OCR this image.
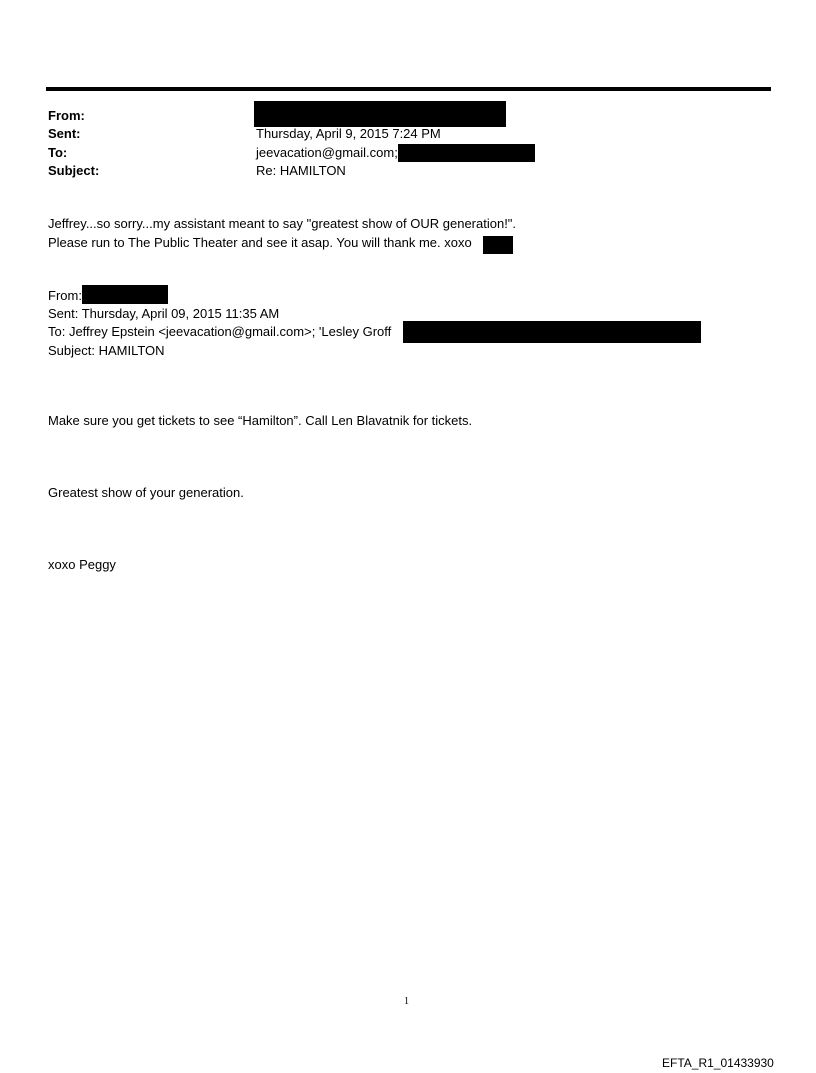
From:
Sent:	Thursday, April 9, 2015 7:24 PM
To:	jeevacation@gmail.com;
Subject:	Re: HAMILTON
Jeffrey...so sorry...my assistant meant to say "greatest show of OUR generation!".
Please run to The Public Theater and see it asap. You will thank me. xoxo
From:
Sent: Thursday, April 09, 2015 11:35 AM
To: Jeffrey Epstein <jeevacation@gmail.com>; 'Lesley Groff
Subject: HAMILTON
Make sure you get tickets to see “Hamilton”. Call Len Blavatnik for tickets.
Greatest show of your generation.
xoxo Peggy
1
EFTA_R1_01433930
